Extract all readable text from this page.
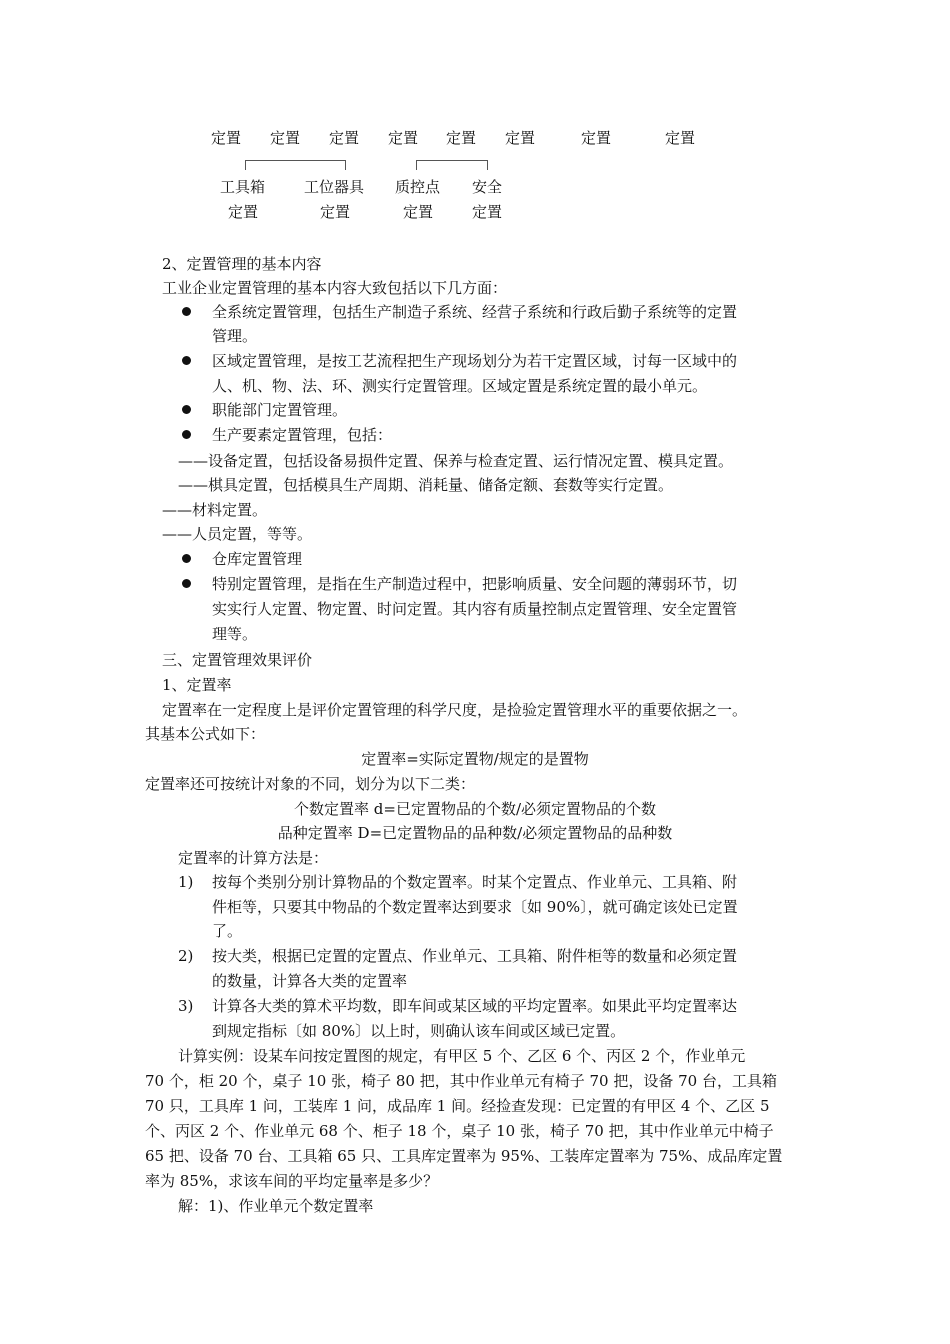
定置 定置 定置 定置 定置 定置	定置	定置
工具箱
定置
工位器具
定置
质控点
定置
安全
定置
2、定置管理的基本内容
工业企业定置管理的基本内容大致包括以下几方面：
全系统定置管理，包括生产制造子系统、经营子系统和行政后勤子系统等的定置
管理。
区域定置管理，是按工艺流程把生产现场划分为若干定置区域，讨每一区域中的
人、机、物、法、环、测实行定置管理。区域定置是系统定置的最小单元。
职能部门定置管理。
生产要素定置管理，包括：
——设备定置，包括设备易损件定置、保养与检查定置、运行情况定置、模具定置。
——棋具定置，包括模具生产周期、消耗量、储备定额、套数等实行定置。
——材料定置。
——人员定置，等等。
仓库定置管理
特别定置管理，是指在生产制造过程中，把影响质量、安全问题的薄弱环节，切
实实行人定置、物定置、时问定置。其内容有质量控制点定置管理、安全定置管
理等。
三、定置管理效果评价
1、定置率
定置率在一定程度上是评价定置管理的科学尺度，是捡验定置管理水平的重要依据之一。
其基本公式如下：
定置率=实际定置物/规定的是置物
定置率还可按统计对象的不同，划分为以下二类：
个数定置率 d=已定置物品的个数/必须定置物品的个数
品种定置率 D=已定置物品的品种数/必须定置物品的品种数
定置率的计算方法是：
1) 按每个类别分别计算物品的个数定置率。时某个定置点、作业单元、工具箱、附
件柜等，只要其中物品的个数定置率达到要求〔如 90%〕，就可确定该处已定置
了。
2) 按大类，根据已定置的定置点、作业单元、工具箱、附件柜等的数量和必须定置
的数量，计算各大类的定置率
3) 计算各大类的算术平均数，即车间或某区域的平均定置率。如果此平均定置率达
到规定指标〔如 80%〕以上时，则确认该车间或区域已定置。
计算实例：设某车问按定置图的规定，有甲区 5 个、乙区 6 个、丙区 2 个，作业单元
70 个，柜 20 个，桌子 10 张，椅子 80 把，其中作业单元有椅子 70 把，设备 70 台，工具箱
70 只，工具库 1 问，工装库 1 问，成品库 1 间。经捡查发现：已定置的有甲区 4 个、乙区 5
个、丙区 2 个、作业单元 68 个、柜子 18 个，桌子 10 张，椅子 70 把，其中作业单元中椅子
65 把、设备 70 台、工具箱 65 只、工具库定置率为 95%、工装库定置率为 75%、成品库定置
率为 85%，求该车间的平均定量率是多少？
解：1)、作业单元个数定置率
